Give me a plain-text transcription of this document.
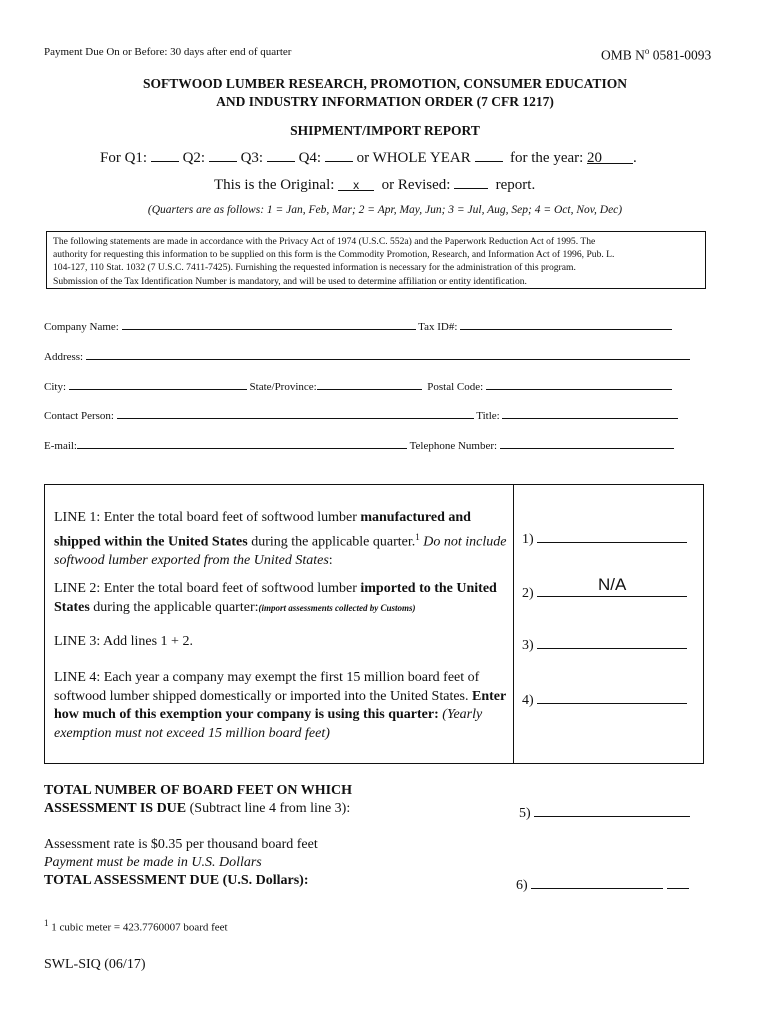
Payment Due On or Before: 30 days after end of quarter	OMB $N^o$ 0581-0093
SOFTWOOD LUMBER RESEARCH, PROMOTION, CONSUMER EDUCATION
AND INDUSTRY INFORMATION ORDER (7 CFR 1217)
SHIPMENT/IMPORT REPORT
For Q1: Q2: Q3: Q4: or WHOLE YEAR	for the year: 20 .
This is the Original: x or Revised:	report.
(Quarters are as follows: 1 = Jan, Feb, Mar; 2 = Apr, May, Jun; 3 = Jul, Aug, Sep; 4 = Oct, Nov, Dec)
The following statements are made in accordance with the Privacy Act of 1974 (U.S.C. 552a) and the Paperwork Reduction Act of 1995. The
authority for requesting this information to be supplied on this form is the Commodity Promotion, Research, and Information Act of 1996, Pub. L.
104-127, 110 Stat. 1032 (7 U.S.C. 7411-7425). Furnishing the requested information is necessary for the administration of this program.
Submission of the Tax Identification Number is mandatory, and will be used to determine affiliation or entity identification.
Company Name:	Tax ID#:
Address:
City:	State/Province:	Postal Code:
Contact Person:	Title:
E-mail:	Telephone Number:
LINE 1: Enter the total board feet of softwood lumber manufactured and shipped within the United States during the applicable quarter.$^1$ Do not include softwood lumber exported from the United States:
1)
LINE 2: Enter the total board feet of softwood lumber imported to the United States during the applicable quarter:(import assessments collected by Customs)
2)	N/A
LINE 3: Add lines 1 + 2.	3)
LINE 4: Each year a company may exempt the first 15 million board feet of softwood lumber shipped domestically or imported into the United States. Enter how much of this exemption your company is using this quarter: (Yearly exemption must not exceed 15 million board feet)
4)
TOTAL NUMBER OF BOARD FEET ON WHICH
ASSESSMENT IS DUE (Subtract line 4 from line 3):	5)
Assessment rate is $0.35 per thousand board feet
Payment must be made in U.S. Dollars
TOTAL ASSESSMENT DUE (U.S. Dollars):	6)
$^1$ 1 cubic meter = 423.7760007 board feet
SWL-SIQ (06/17)
